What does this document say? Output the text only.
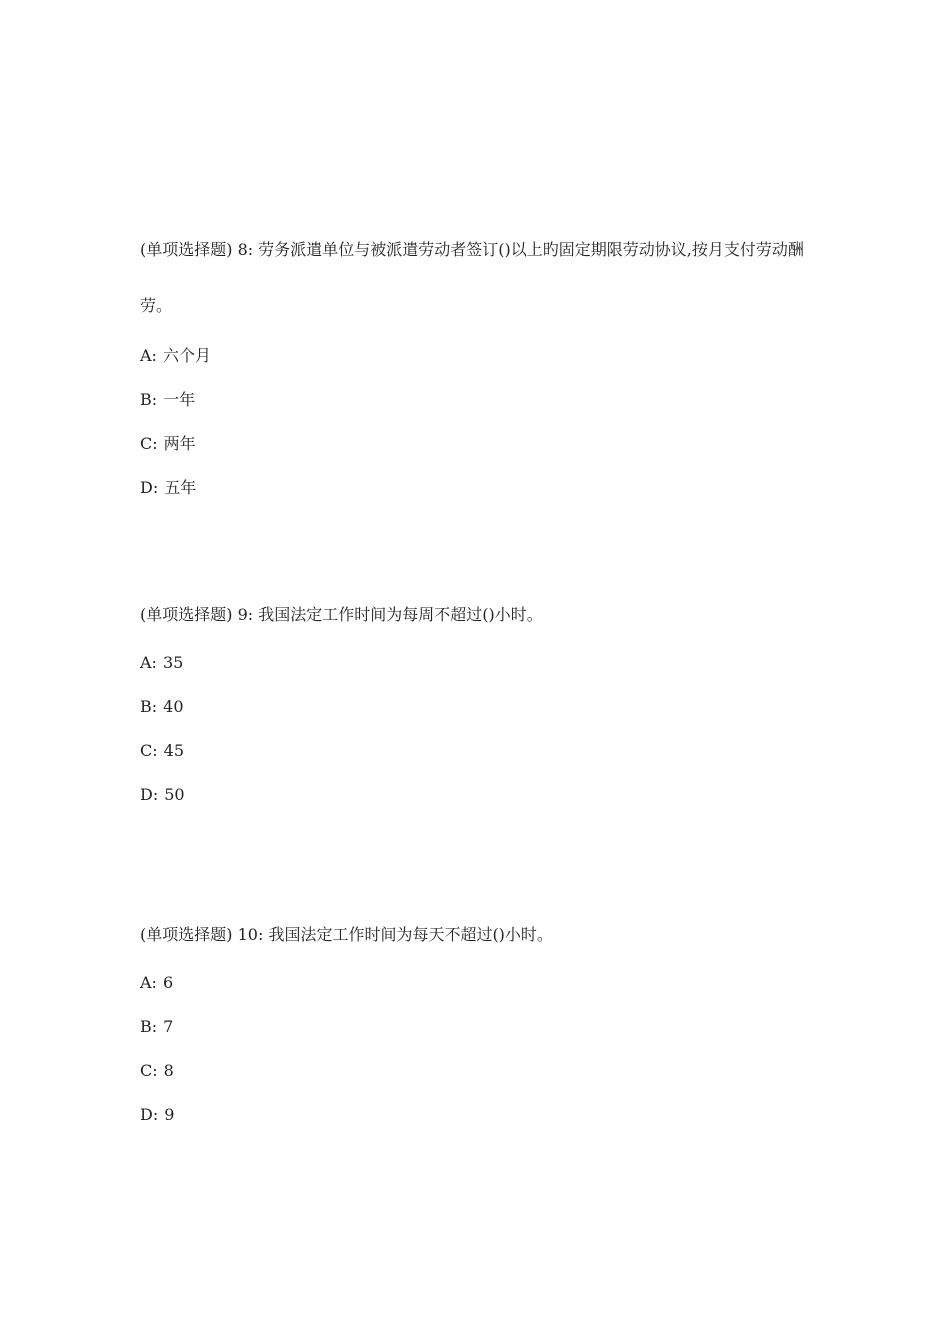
(单项选择题) 8: 劳务派遣单位与被派遣劳动者签订()以上旳固定期限劳动协议,按月支付劳动酬劳。

A: 六个月
B: 一年
C: 两年
D: 五年

(单项选择题) 9: 我国法定工作时间为每周不超过()小时。

A: 35
B: 40
C: 45
D: 50

(单项选择题) 10: 我国法定工作时间为每天不超过()小时。

A: 6
B: 7
C: 8
D: 9
